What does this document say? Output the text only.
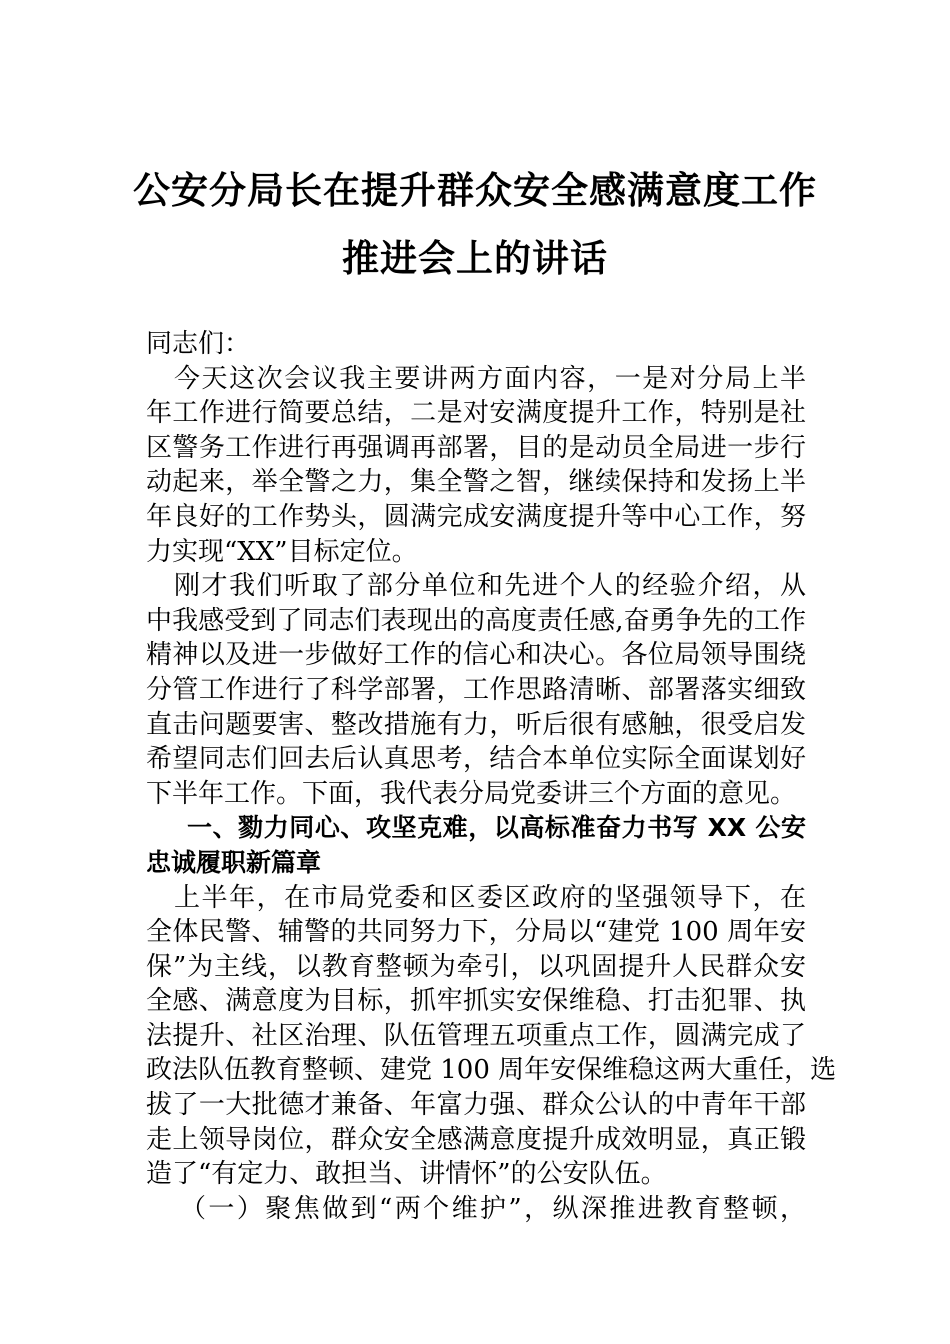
公安分局长在提升群众安全感满意度工作
推进会上的讲话
同志们：
今天这次会议我主要讲两方面内容，一是对分局上半
年工作进行简要总结，二是对安满度提升工作，特别是社
区警务工作进行再强调再部署，目的是动员全局进一步行
动起来，举全警之力，集全警之智，继续保持和发扬上半
年良好的工作势头，圆满完成安满度提升等中心工作，努
力实现“XX”目标定位。
刚才我们听取了部分单位和先进个人的经验介绍，从
中我感受到了同志们表现出的高度责任感,奋勇争先的工作
精神以及进一步做好工作的信心和决心。各位局领导围绕
分管工作进行了科学部署，工作思路清晰、部署落实细致
直击问题要害、整改措施有力，听后很有感触，很受启发
希望同志们回去后认真思考，结合本单位实际全面谋划好
下半年工作。下面，我代表分局党委讲三个方面的意见。
一、勠力同心、攻坚克难，以高标准奋力书写 XX 公安
忠诚履职新篇章
上半年，在市局党委和区委区政府的坚强领导下，在
全体民警、辅警的共同努力下，分局以“建党 100 周年安
保”为主线，以教育整顿为牵引，以巩固提升人民群众安
全感、满意度为目标，抓牢抓实安保维稳、打击犯罪、执
法提升、社区治理、队伍管理五项重点工作，圆满完成了
政法队伍教育整顿、建党 100 周年安保维稳这两大重任，选
拔了一大批德才兼备、年富力强、群众公认的中青年干部
走上领导岗位，群众安全感满意度提升成效明显，真正锻
造了“有定力、敢担当、讲情怀”的公安队伍。
（一）聚焦做到“两个维护”，纵深推进教育整顿，
